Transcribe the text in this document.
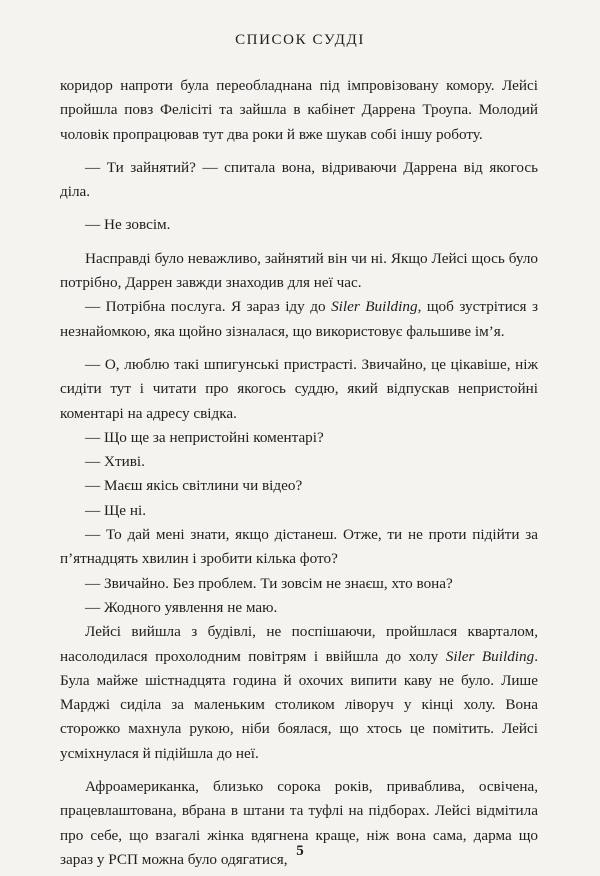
СПИСОК СУДДІ

коридор напроти була переобладнана під імпровізовану комору. Лейсі пройшла повз Фелісіті та зайшла в кабінет Даррена Троупа. Молодий чоловік пропрацював тут два роки й вже шукав собі іншу роботу.

— Ти зайнятий? — спитала вона, відриваючи Даррена від якогось діла.

— Не зовсім.

Насправді було неважливо, зайнятий він чи ні. Якщо Лейсі щось було потрібно, Даррен завжди знаходив для неї час.

— Потрібна послуга. Я зараз іду до Siler Building, щоб зустрітися з незнайомкою, яка щойно зізналася, що використовує фальшиве ім’я.

— О, люблю такі шпигунські пристрасті. Звичайно, це цікавіше, ніж сидіти тут і читати про якогось суддю, який відпускав непристойні коментарі на адресу свідка.

— Що ще за непристойні коментарі?

— Хтиві.

— Маєш якісь світлини чи відео?

— Ще ні.

— То дай мені знати, якщо дістанеш. Отже, ти не проти підійти за п’ятнадцять хвилин і зробити кілька фото?

— Звичайно. Без проблем. Ти зовсім не знаєш, хто вона?

— Жодного уявлення не маю.

Лейсі вийшла з будівлі, не поспішаючи, пройшлася кварталом, насолодилася прохолодним повітрям і ввійшла до холу Siler Building. Була майже шістнадцята година й охочих випити каву не було. Лише Марджі сиділа за маленьким столиком ліворуч у кінці холу. Вона сторожко махнула рукою, ніби боялася, що хтось це помітить. Лейсі усміхнулася й підійшла до неї.

Афроамериканка, близько сорока років, приваблива, освічена, працевлаштована, вбрана в штани та туфлі на підборах. Лейсі відмітила про себе, що взагалі жінка вдягнена краще, ніж вона сама, дарма що зараз у РСП можна було одягатися, 5
